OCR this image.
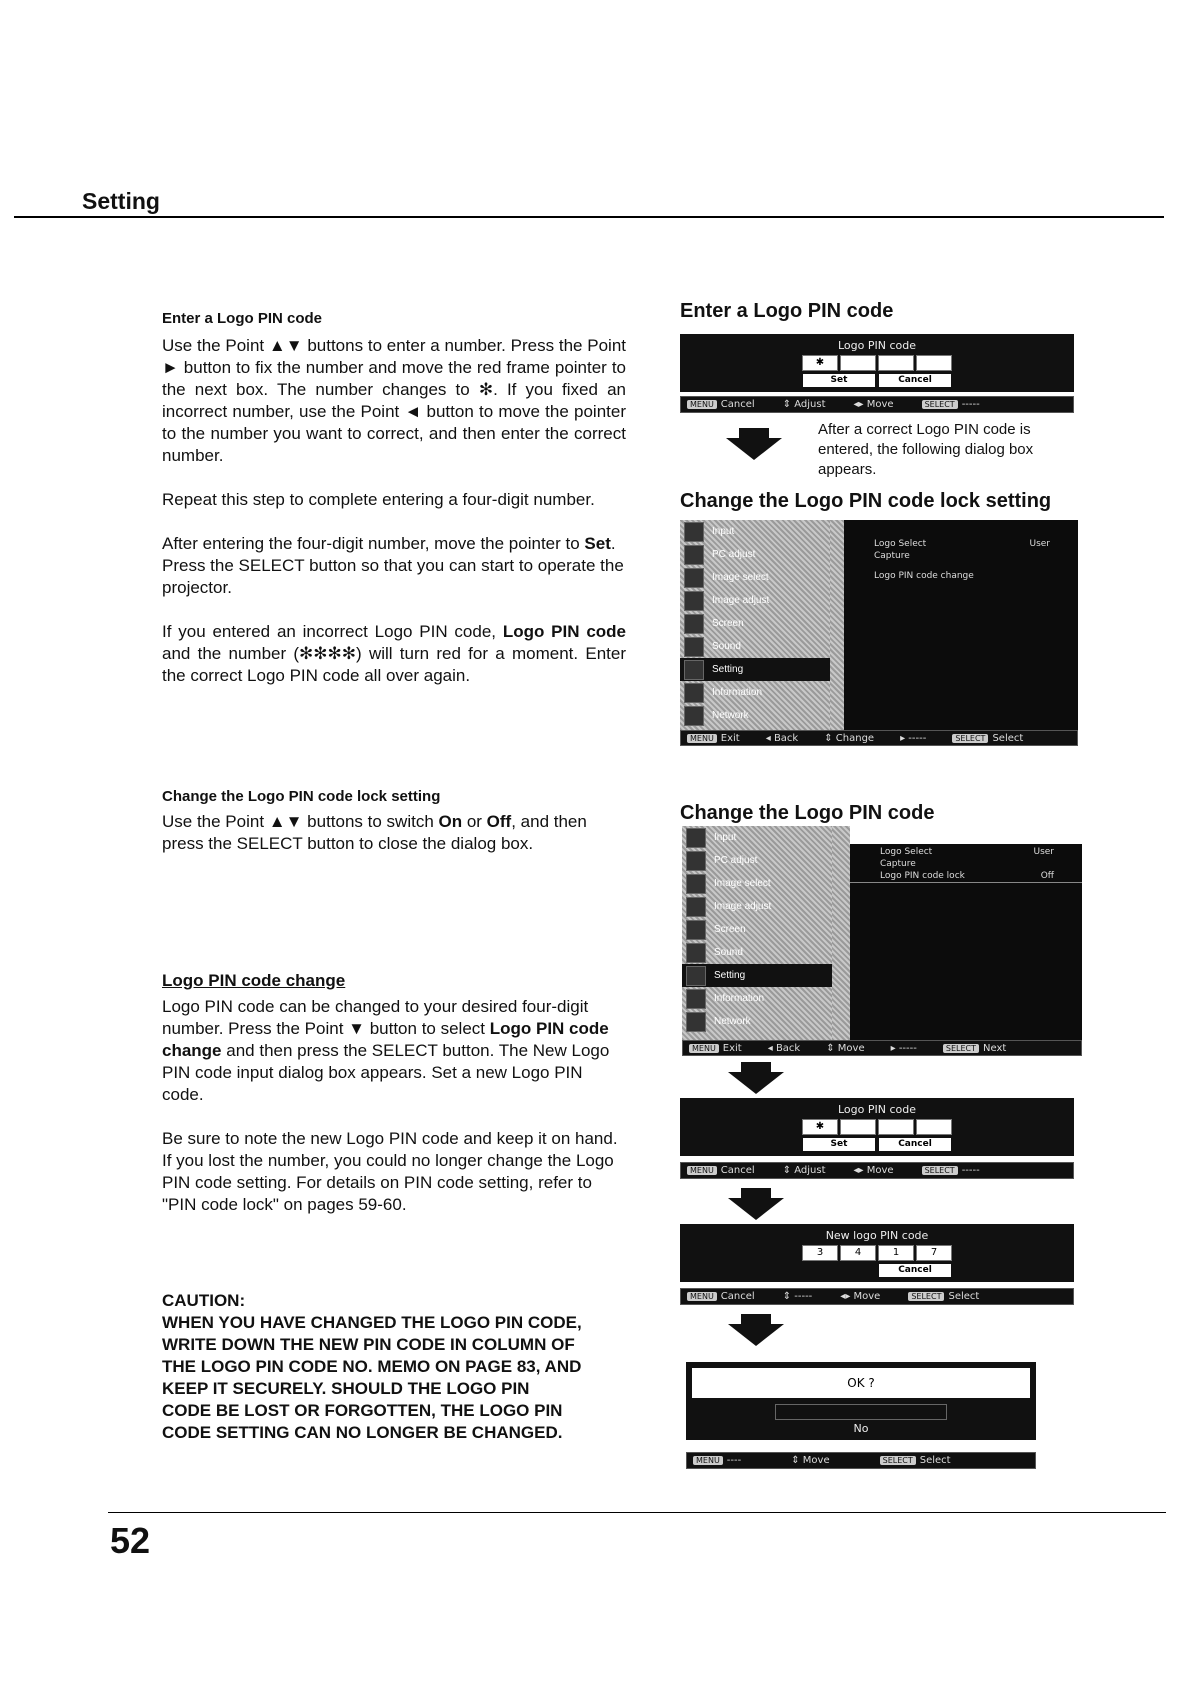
Setting

Enter a Logo PIN code

Use the Point ▲▼ buttons to enter a number. Press the Point ► button to fix the number and move the red frame pointer to the next box. The number changes to ✻. If you fixed an incorrect number, use the Point ◄ button to move the pointer to the number you want to correct, and then enter the correct number.

Repeat this step to complete entering a four-digit number.

After entering the four-digit number, move the pointer to Set. Press the SELECT button so that you can start to operate the projector.

If you entered an incorrect Logo PIN code, Logo PIN code and the number (✻✻✻✻) will turn red for a moment. Enter the correct Logo PIN code all over again.

Change the Logo PIN code lock setting

Use the Point ▲▼ buttons to switch On or Off, and then press the SELECT button to close the dialog box.

Logo PIN code change

Logo PIN code can be changed to your desired four-digit number. Press the Point ▼ button to select Logo PIN code change and then press the SELECT button. The New Logo PIN code input dialog box appears. Set a new Logo PIN code.

Be sure to note the new Logo PIN code and keep it on hand. If you lost the number, you could no longer change the Logo PIN code setting. For details on PIN code setting, refer to "PIN code lock" on pages 59-60.

CAUTION:
WHEN YOU HAVE CHANGED THE LOGO PIN CODE, WRITE DOWN THE NEW PIN CODE IN COLUMN OF THE LOGO PIN CODE NO. MEMO ON PAGE 83, AND KEEP IT SECURELY. SHOULD THE LOGO PIN CODE BE LOST OR FORGOTTEN, THE LOGO PIN CODE SETTING CAN NO LONGER BE CHANGED.
Enter a Logo PIN code
Change the Logo PIN code lock setting
Change the Logo PIN code
Logo PIN code
✱
Set	Cancel
MENU Cancel	⇕ Adjust	◂▸ Move	SELECT -----
After a correct Logo PIN code is entered, the following dialog box appears.
Input
PC adjust
Image select
Image adjust
Screen
Sound
Setting
Information
Network
Logo Select	User
Capture
Logo PIN code change
MENU Exit	◂ Back	⇕ Change	▸ -----	SELECT Select
Input
PC adjust
Image select
Image adjust
Screen
Sound
Setting
Information
Network
Logo Select	User
Capture
Logo PIN code lock	Off
MENU Exit	◂ Back	⇕ Move	▸ -----	SELECT Next
Logo PIN code
✱
Set	Cancel
MENU Cancel	⇕ Adjust	◂▸ Move	SELECT -----
New logo PIN code
3	4	1	7
Cancel
MENU Cancel	⇕ -----	◂▸ Move	SELECT Select
OK ?
No
MENU ----	⇕ Move	SELECT Select
52
